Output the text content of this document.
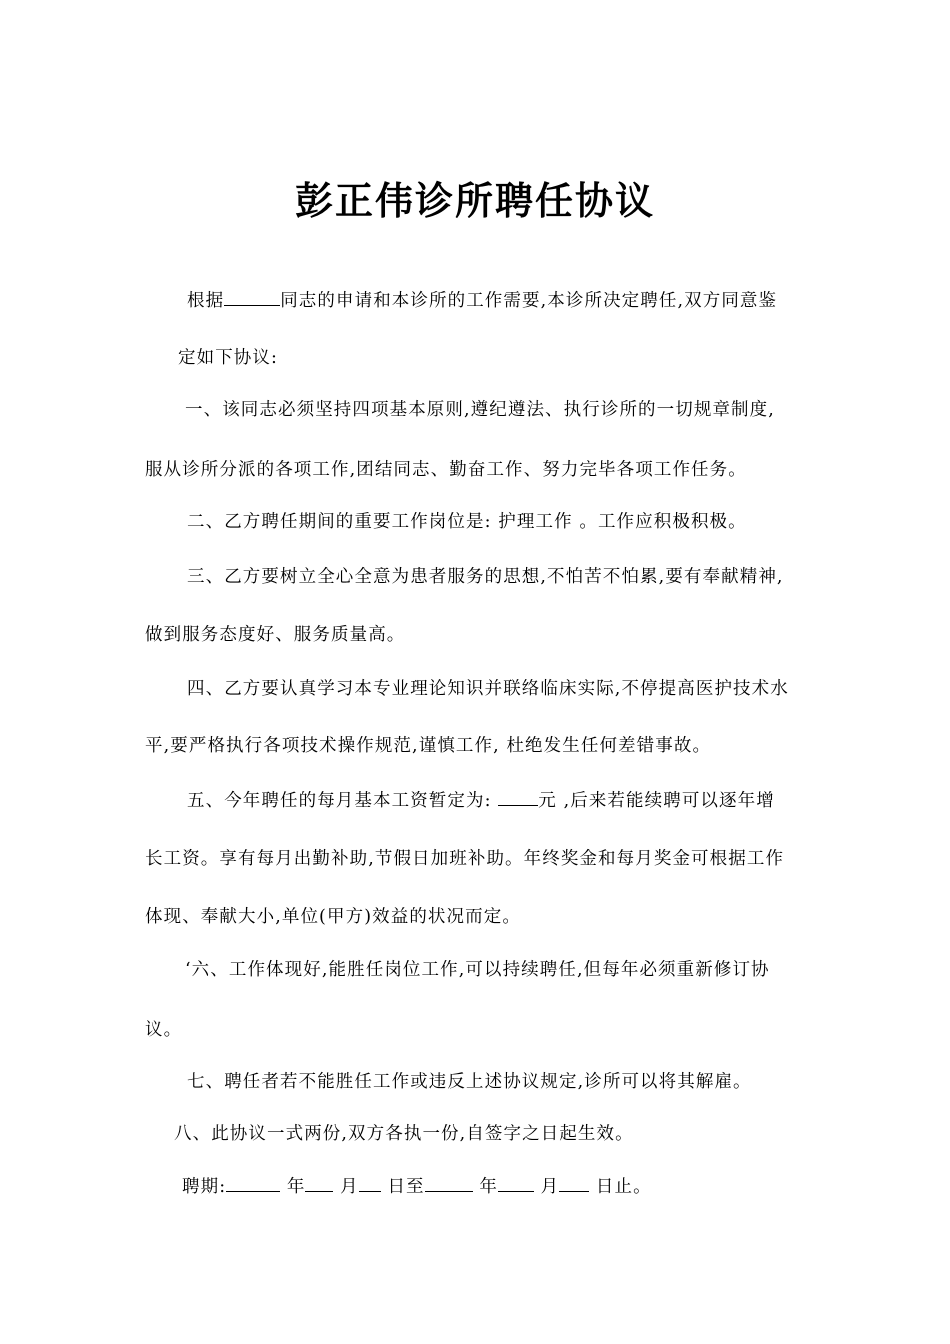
彭正伟诊所聘任协议

根据	同志的申请和本诊所的工作需要,本诊所决定聘任,双方同意鉴

定如下协议:

一、该同志必须坚持四项基本原则,遵纪遵法、执行诊所的一切规章制度,

服从诊所分派的各项工作,团结同志、勤奋工作、努力完毕各项工作任务。

二、乙方聘任期间的重要工作岗位是: 护理工作 。工作应积极积极。

三、乙方要树立全心全意为患者服务的思想,不怕苦不怕累,要有奉献精神,

做到服务态度好、服务质量高。

四、乙方要认真学习本专业理论知识并联络临床实际,不停提高医护技术水

平,要严格执行各项技术操作规范,谨慎工作, 杜绝发生任何差错事故。

五、今年聘任的每月基本工资暂定为:	元 ,后来若能续聘可以逐年增

长工资。享有每月出勤补助,节假日加班补助。年终奖金和每月奖金可根据工作

体现、奉献大小,单位(甲方)效益的状况而定。

‘六、工作体现好,能胜任岗位工作,可以持续聘任,但每年必须重新修订协

议。

七、聘任者若不能胜任工作或违反上述协议规定,诊所可以将其解雇。

八、此协议一式两份,双方各执一份,自签字之日起生效。

聘期:	年 月 日至	年 月 日止。
